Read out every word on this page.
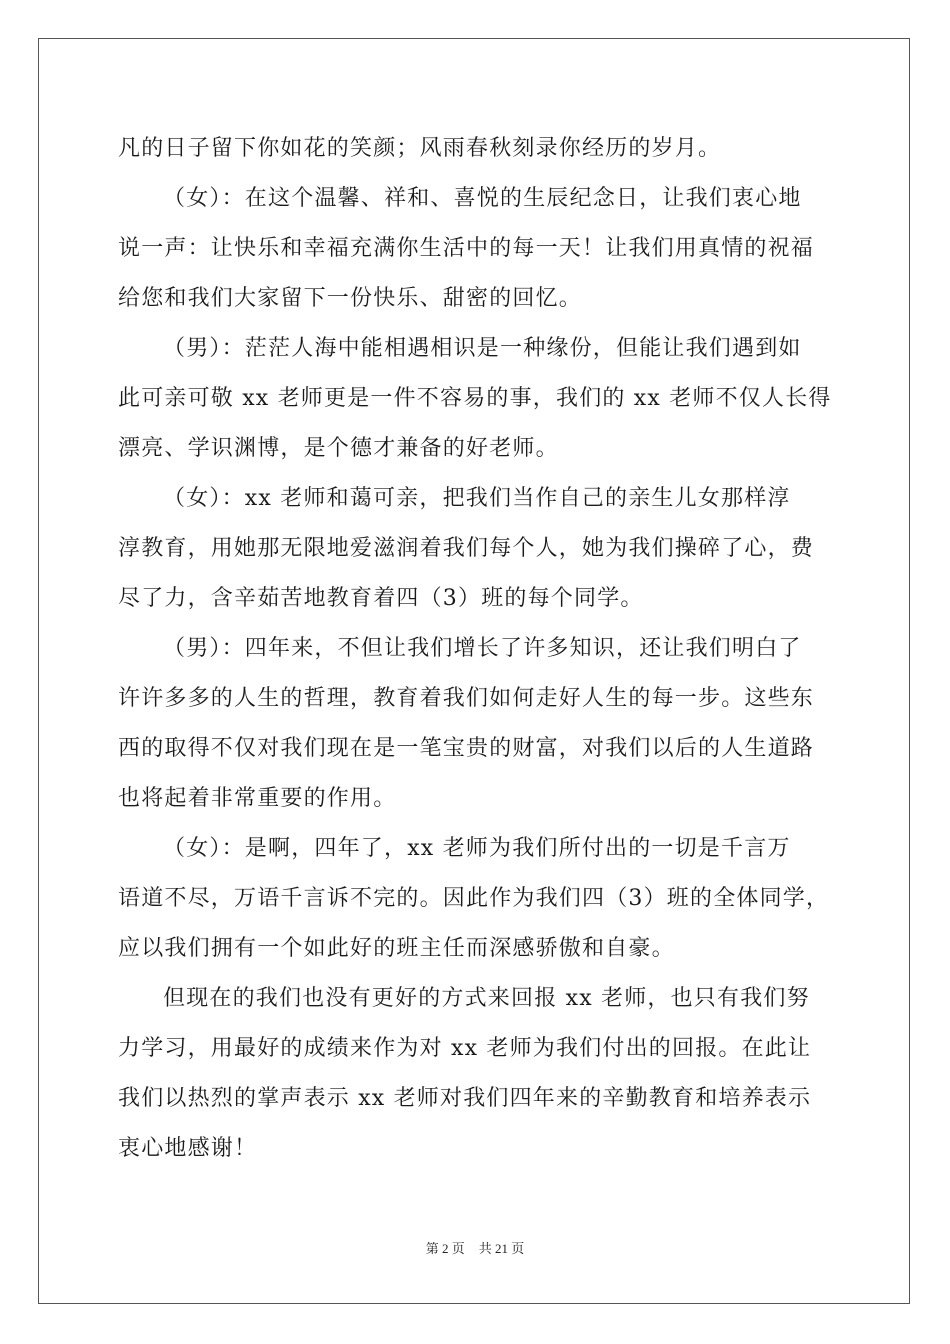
凡的日子留下你如花的笑颜；风雨春秋刻录你经历的岁月。
（女）：在这个温馨、祥和、喜悦的生辰纪念日，让我们衷心地
说一声：让快乐和幸福充满你生活中的每一天！让我们用真情的祝福
给您和我们大家留下一份快乐、甜密的回忆。
（男）：茫茫人海中能相遇相识是一种缘份，但能让我们遇到如
此可亲可敬 xx 老师更是一件不容易的事，我们的 xx 老师不仅人长得
漂亮、学识渊博，是个德才兼备的好老师。
（女）：xx 老师和蔼可亲，把我们当作自己的亲生儿女那样淳
淳教育，用她那无限地爱滋润着我们每个人，她为我们操碎了心，费
尽了力，含辛茹苦地教育着四（3）班的每个同学。
（男）：四年来，不但让我们增长了许多知识，还让我们明白了
许许多多的人生的哲理，教育着我们如何走好人生的每一步。这些东
西的取得不仅对我们现在是一笔宝贵的财富，对我们以后的人生道路
也将起着非常重要的作用。
（女）：是啊，四年了，xx 老师为我们所付出的一切是千言万
语道不尽，万语千言诉不完的。因此作为我们四（3）班的全体同学，
应以我们拥有一个如此好的班主任而深感骄傲和自豪。
但现在的我们也没有更好的方式来回报 xx 老师，也只有我们努
力学习，用最好的成绩来作为对 xx 老师为我们付出的回报。在此让
我们以热烈的掌声表示 xx 老师对我们四年来的辛勤教育和培养表示
衷心地感谢！
第 2 页 共 21 页
